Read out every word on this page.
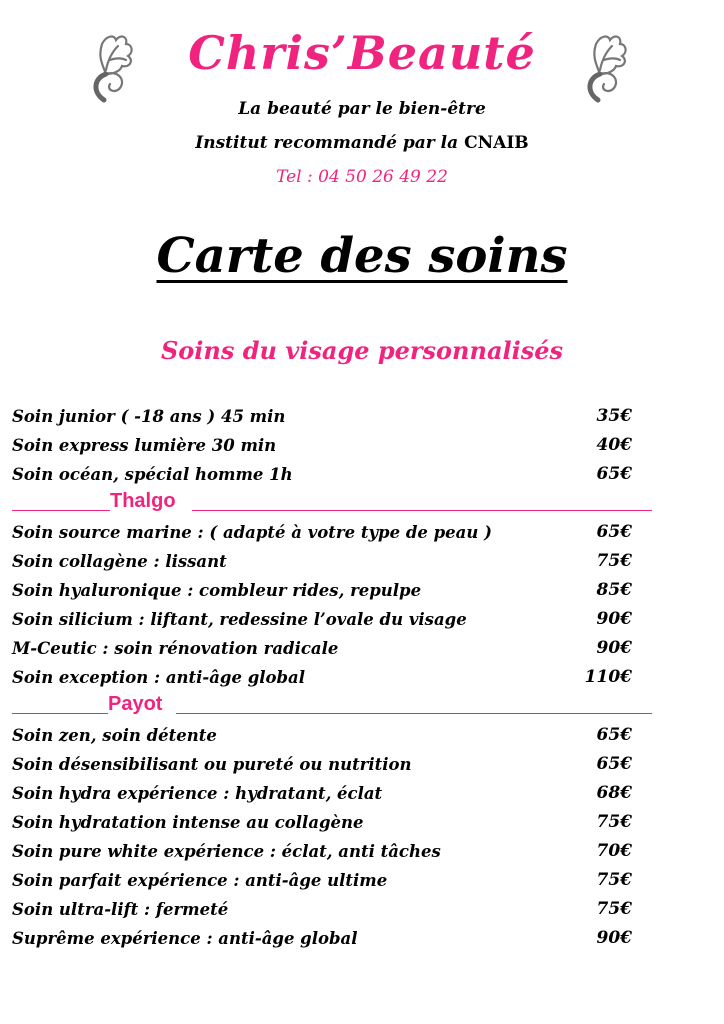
Chris’Beauté
La beauté par le bien-être
Institut recommandé par la CNAIB
Tel : 04 50 26 49 22
Carte des soins
Soins du visage personnalisés
Soin junior ( -18 ans ) 45 min	35€
Soin express lumière 30 min	40€
Soin océan, spécial homme 1h	65€
Thalgo
Soin source marine : ( adapté à votre type de peau )	65€
Soin collagène : lissant	75€
Soin hyaluronique : combleur rides, repulpe	85€
Soin silicium : liftant, redessine l’ovale du visage	90€
M-Ceutic : soin rénovation radicale	90€
Soin exception : anti-âge global	110€
Payot
Soin zen, soin détente	65€
Soin désensibilisant ou pureté ou nutrition	65€
Soin hydra expérience : hydratant, éclat	68€
Soin hydratation intense au collagène	75€
Soin pure white expérience : éclat, anti tâches	70€
Soin parfait expérience : anti-âge ultime	75€
Soin ultra-lift : fermeté	75€
Suprême expérience : anti-âge global	90€
